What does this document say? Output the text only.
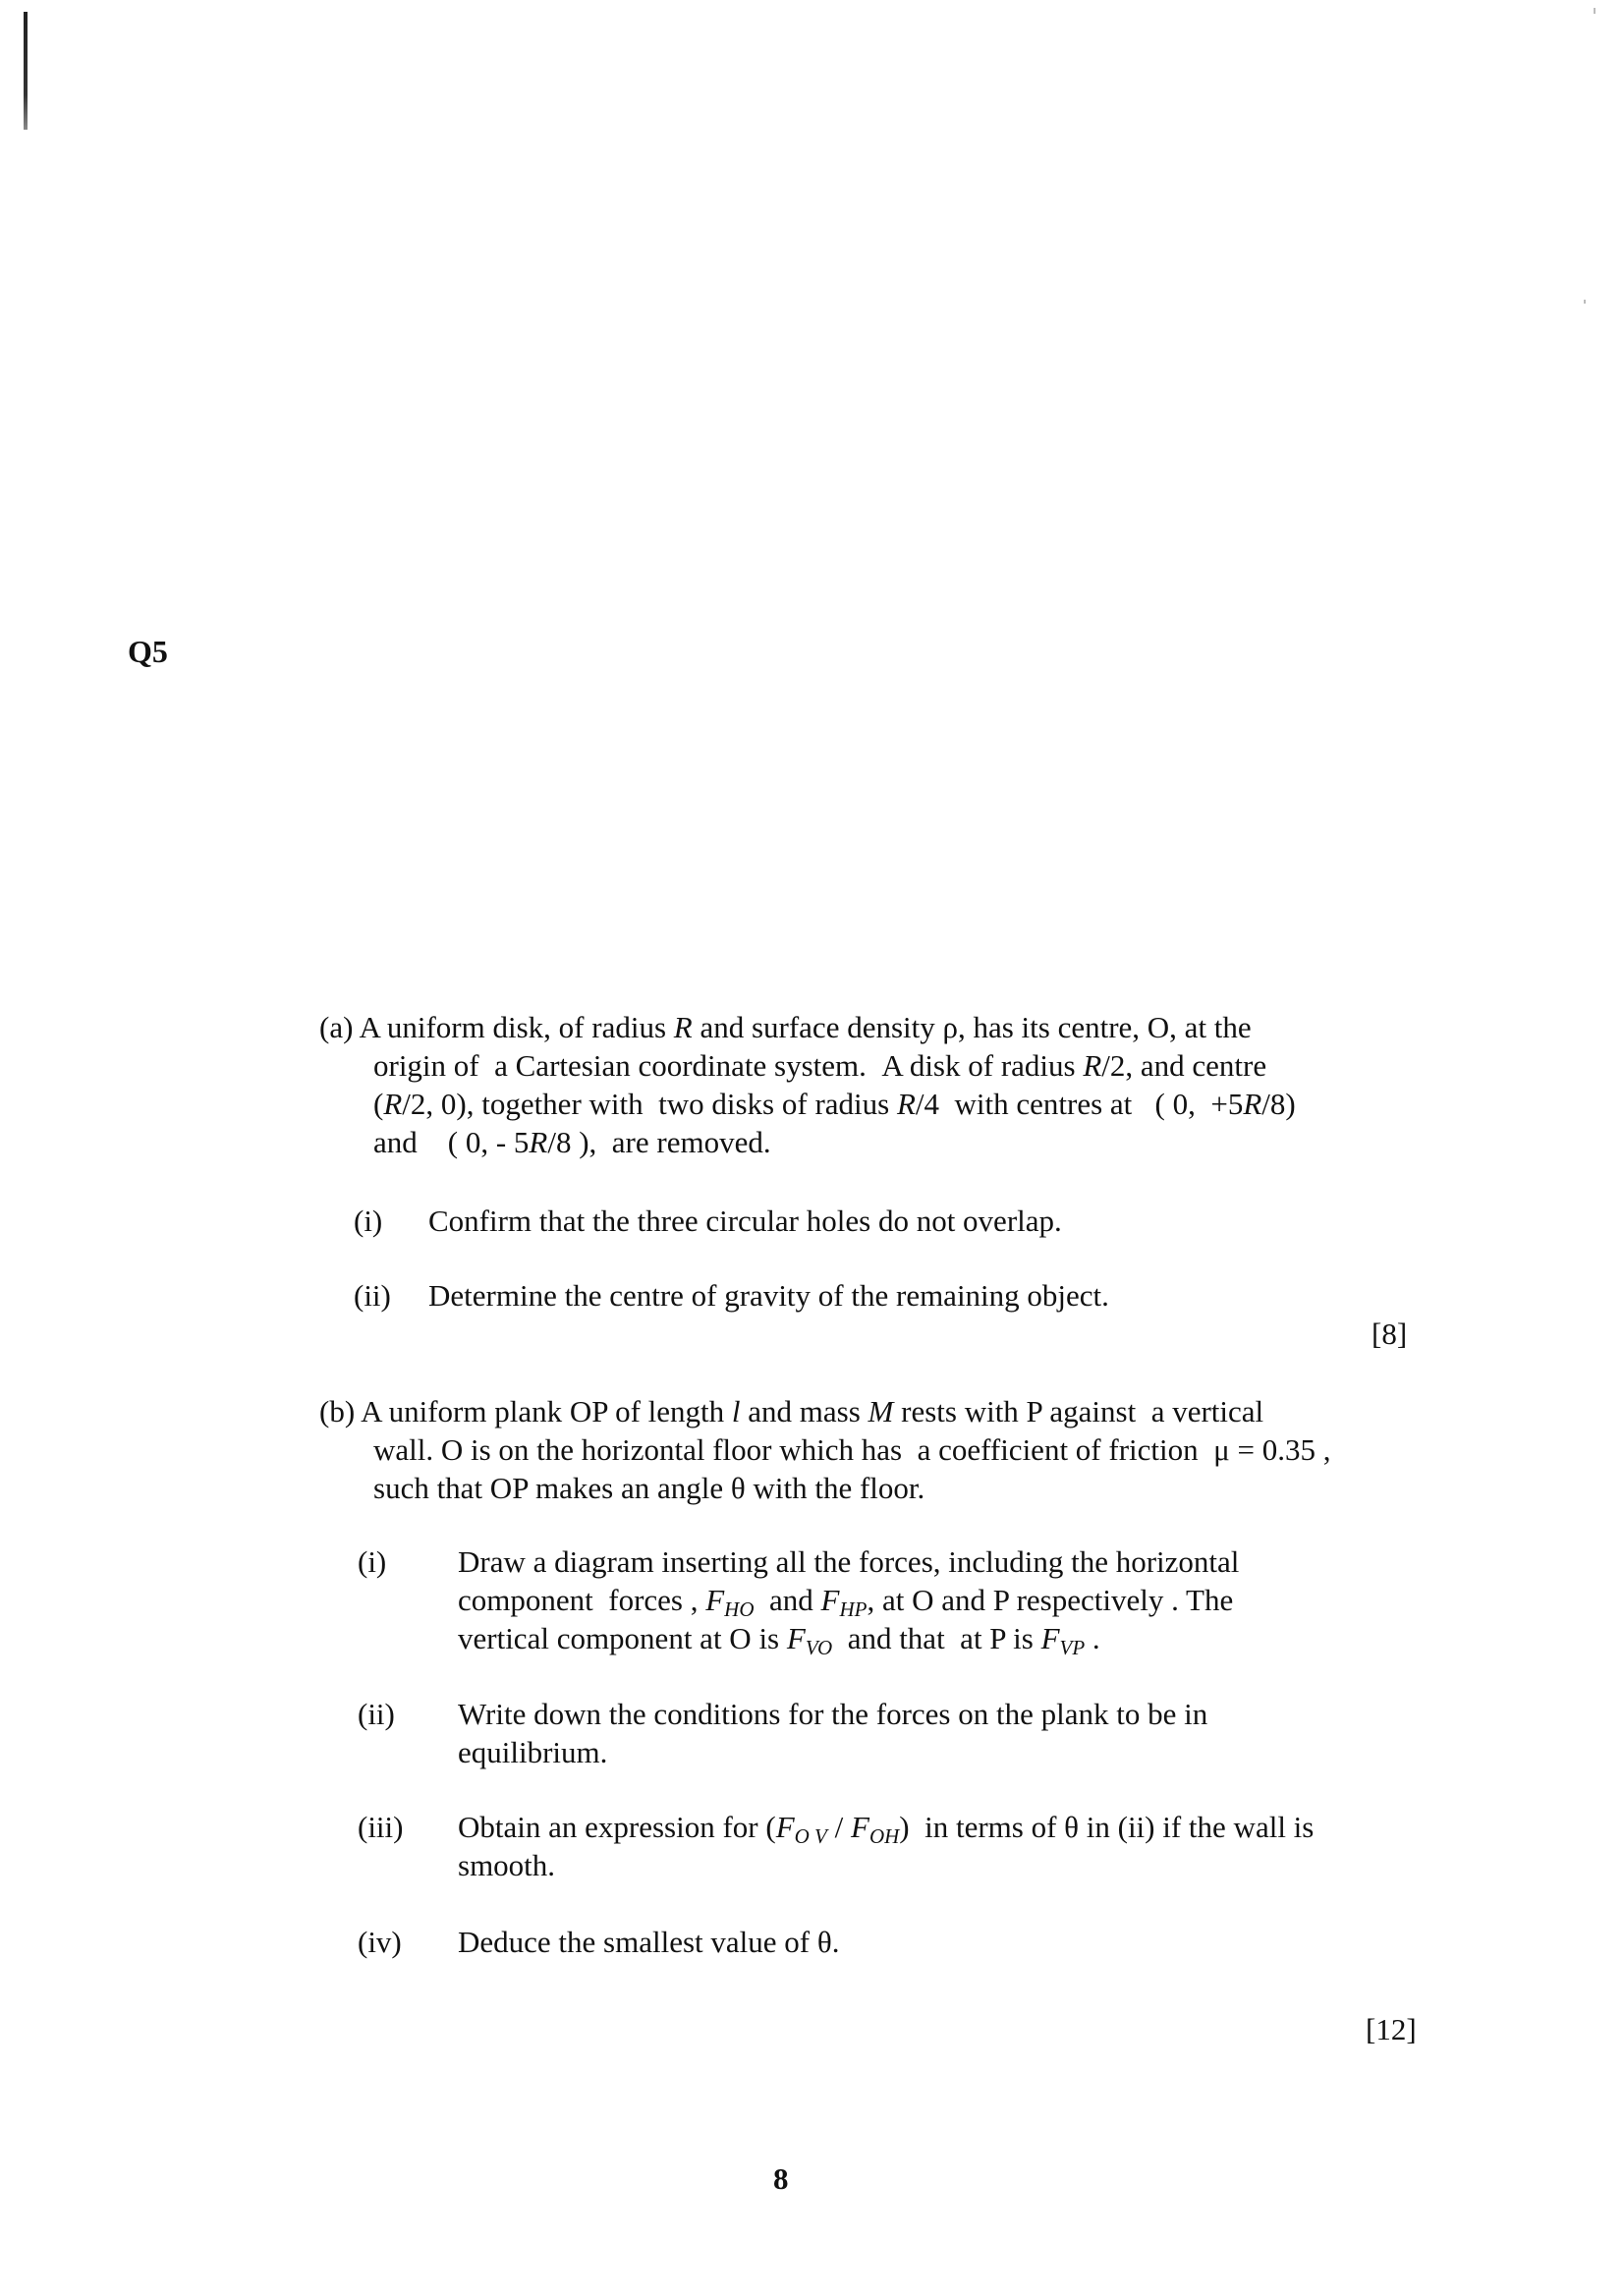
Q5
(a) A uniform disk, of radius R and surface density ρ, has its centre, O, at the
origin of  a Cartesian coordinate system.  A disk of radius R/2, and centre
(R/2, 0), together with  two disks of radius R/4  with centres at   ( 0,  +5R/8)
and    ( 0, - 5R/8 ),  are removed.
(i) Confirm that the three circular holes do not overlap.
(ii) Determine the centre of gravity of the remaining object.
[8]
(b) A uniform plank OP of length l and mass M rests with P against  a vertical
wall. O is on the horizontal floor which has  a coefficient of friction  μ = 0.35 ,
such that OP makes an angle θ with the floor.
(i) Draw a diagram inserting all the forces, including the horizontal
component  forces , $F_{HO}$  and $F_{HP}$, at O and P respectively . The
vertical component at O is $F_{VO}$  and that  at P is $F_{VP}$ .
(ii) Write down the conditions for the forces on the plank to be in
equilibrium.
(iii) Obtain an expression for $(F_{O V} / F_{OH})$  in terms of θ in (ii) if the wall is
smooth.
(iv) Deduce the smallest value of θ.
[12]
8
